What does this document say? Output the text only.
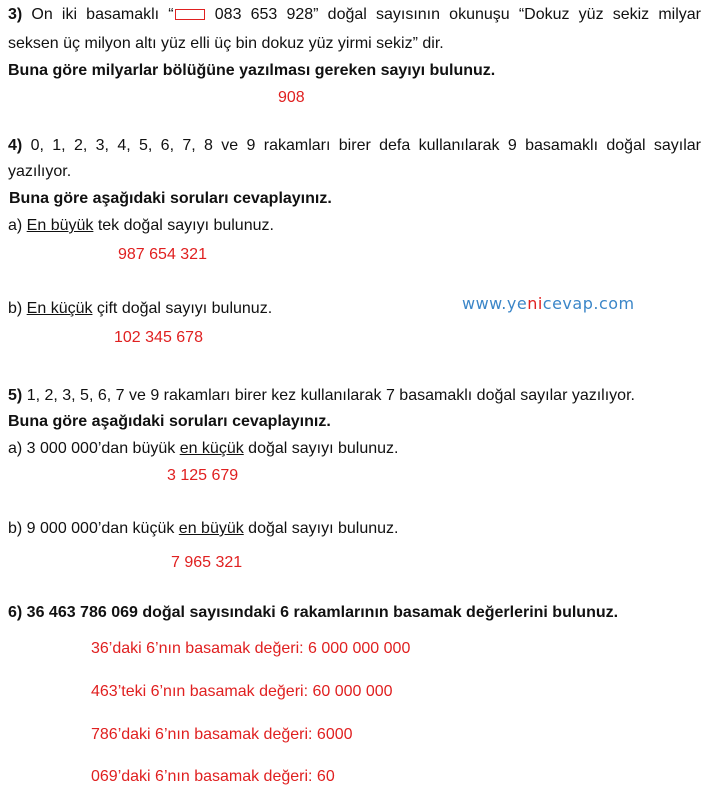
3) On iki basamaklı “ 083 653 928” doğal sayısının okunuşu “Dokuz yüz sekiz milyar
seksen üç milyon altı yüz elli üç bin dokuz yüz yirmi sekiz” dir.
Buna göre milyarlar bölüğüne yazılması gereken sayıyı bulunuz.
908
4) 0, 1, 2, 3, 4, 5, 6, 7, 8 ve 9 rakamları birer defa kullanılarak 9 basamaklı doğal sayılar
yazılıyor.
Buna göre aşağıdaki soruları cevaplayınız.
a) En büyük tek doğal sayıyı bulunuz.
987 654 321
b) En küçük çift doğal sayıyı bulunuz.	www.yenicevap.com
102 345 678
5) 1, 2, 3, 5, 6, 7 ve 9 rakamları birer kez kullanılarak 7 basamaklı doğal sayılar yazılıyor.
Buna göre aşağıdaki soruları cevaplayınız.
a) 3 000 000’dan büyük en küçük doğal sayıyı bulunuz.
3 125 679
b) 9 000 000’dan küçük en büyük doğal sayıyı bulunuz.
7 965 321
6) 36 463 786 069 doğal sayısındaki 6 rakamlarının basamak değerlerini bulunuz.
36’daki 6’nın basamak değeri: 6 000 000 000
463’teki 6’nın basamak değeri: 60 000 000
786’daki 6’nın basamak değeri: 6000
069’daki 6’nın basamak değeri: 60
